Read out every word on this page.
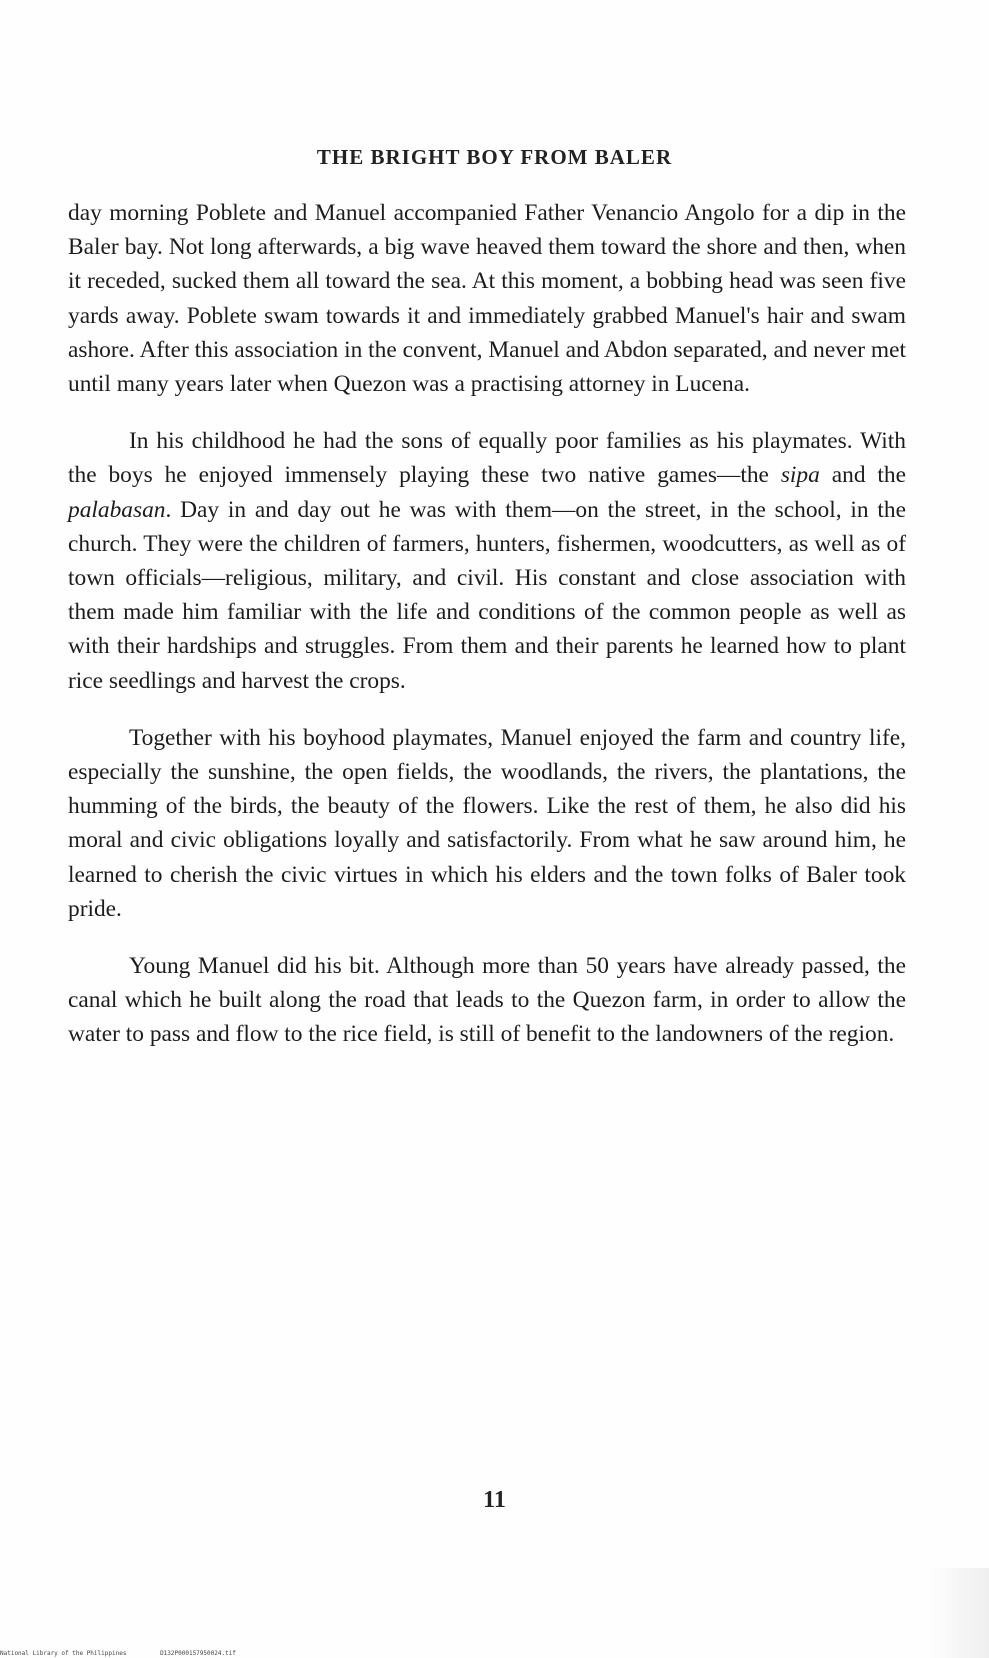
THE BRIGHT BOY FROM BALER

day morning Poblete and Manuel accompanied Father Venancio Angolo for a dip in the Baler bay. Not long afterwards, a big wave heaved them toward the shore and then, when it receded, sucked them all toward the sea. At this moment, a bobbing head was seen five yards away. Poblete swam towards it and immediately grabbed Manuel's hair and swam ashore. After this association in the convent, Manuel and Abdon separated, and never met until many years later when Quezon was a practising attorney in Lucena.

In his childhood he had the sons of equally poor families as his playmates. With the boys he enjoyed immensely playing these two native games—the sipa and the palabasan. Day in and day out he was with them—on the street, in the school, in the church. They were the children of farmers, hunters, fishermen, woodcutters, as well as of town officials—religious, military, and civil. His constant and close association with them made him familiar with the life and conditions of the common people as well as with their hardships and struggles. From them and their parents he learned how to plant rice seedlings and harvest the crops.

Together with his boyhood playmates, Manuel enjoyed the farm and country life, especially the sunshine, the open fields, the woodlands, the rivers, the plantations, the humming of the birds, the beauty of the flowers. Like the rest of them, he also did his moral and civic obligations loyally and satisfactorily. From what he saw around him, he learned to cherish the civic virtues in which his elders and the town folks of Baler took pride.

Young Manuel did his bit. Although more than 50 years have already passed, the canal which he built along the road that leads to the Quezon farm, in order to allow the water to pass and flow to the rice field, is still of benefit to the landowners of the region.

11
National Library of the Philippines	D132P000157950024.tif
